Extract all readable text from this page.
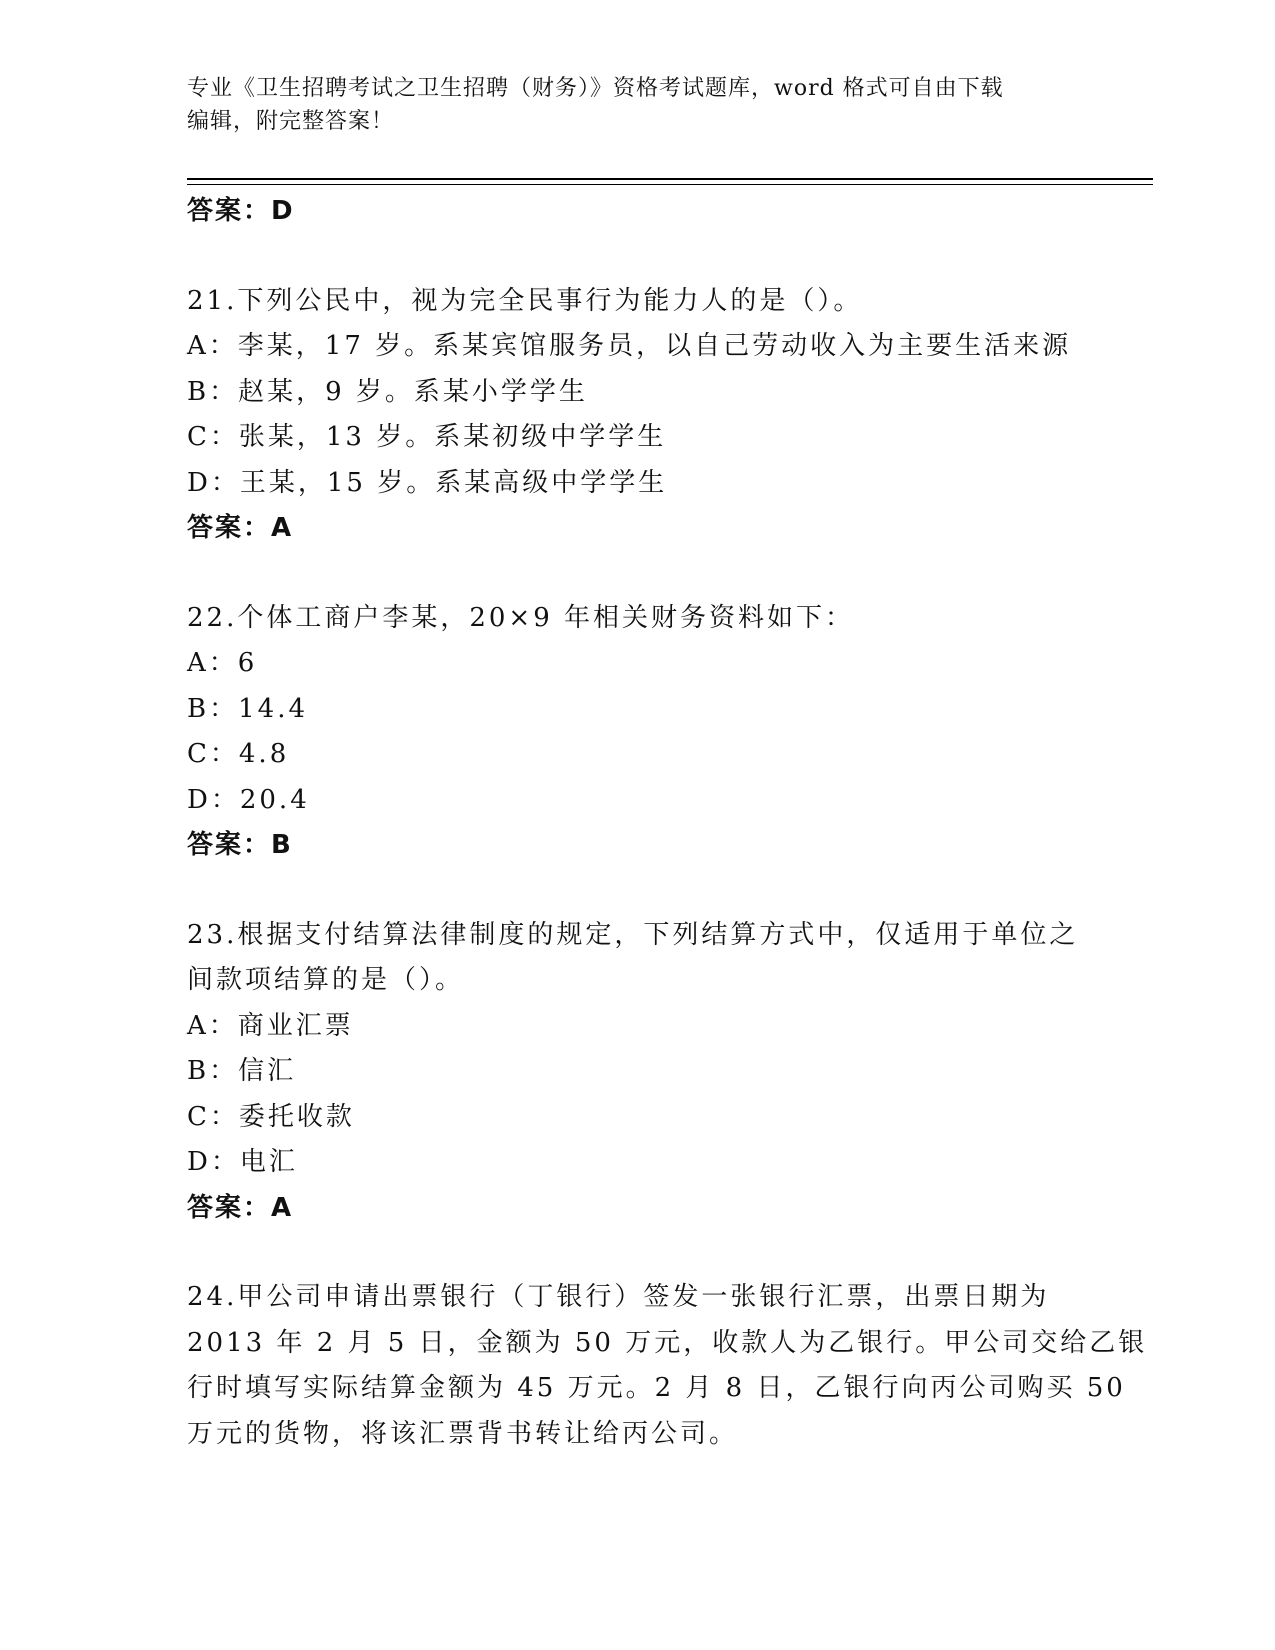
专业《卫生招聘考试之卫生招聘（财务）》资格考试题库，word 格式可自由下载
编辑，附完整答案！
答案：D
21.下列公民中，视为完全民事行为能力人的是（）。
A：李某，17 岁。系某宾馆服务员，以自己劳动收入为主要生活来源
B：赵某，9 岁。系某小学学生
C：张某，13 岁。系某初级中学学生
D：王某，15 岁。系某高级中学学生
答案：A
22.个体工商户李某，20×9 年相关财务资料如下：
A：6
B：14.4
C：4.8
D：20.4
答案：B
23.根据支付结算法律制度的规定，下列结算方式中，仅适用于单位之
间款项结算的是（）。
A：商业汇票
B：信汇
C：委托收款
D：电汇
答案：A
24.甲公司申请出票银行（丁银行）签发一张银行汇票，出票日期为
2013 年 2 月 5 日，金额为 50 万元，收款人为乙银行。甲公司交给乙银
行时填写实际结算金额为 45 万元。2 月 8 日，乙银行向丙公司购买 50
万元的货物，将该汇票背书转让给丙公司。
